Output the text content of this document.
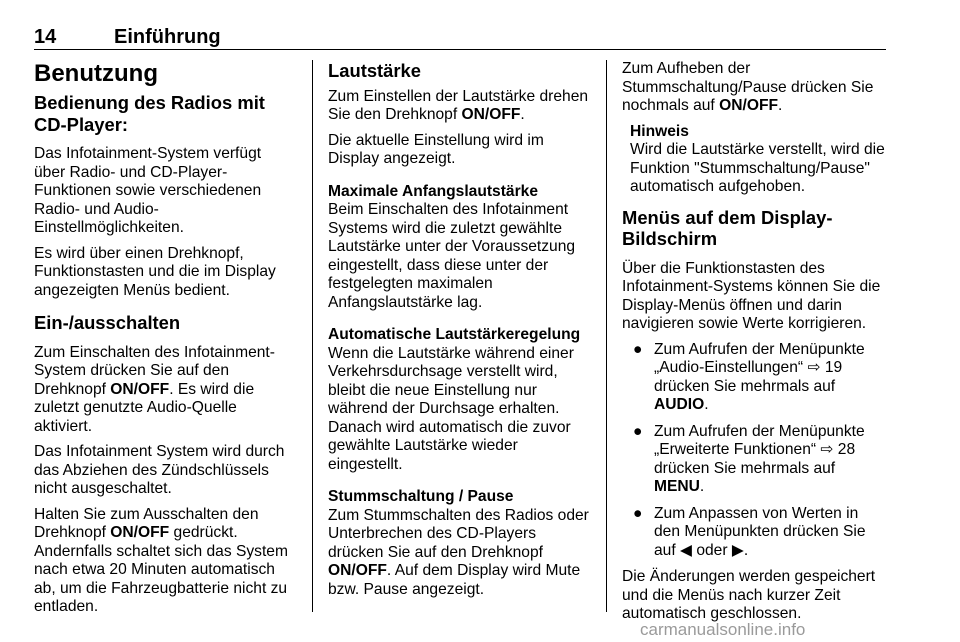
14	Einführung
Benutzung
Bedienung des Radios mit CD-Player:

Das Infotainment-System verfügt über Radio- und CD-Player-Funktionen sowie verschiedenen Radio- und Audio-Einstellmöglichkeiten.

Es wird über einen Drehknopf, Funktionstasten und die im Display angezeigten Menüs bedient.

Ein-/ausschalten

Zum Einschalten des Infotainment-System drücken Sie auf den Drehknopf ON/OFF. Es wird die zuletzt genutzte Audio-Quelle aktiviert.

Das Infotainment System wird durch das Abziehen des Zündschlüssels nicht ausgeschaltet.

Halten Sie zum Ausschalten den Drehknopf ON/OFF gedrückt.

Andernfalls schaltet sich das System nach etwa 20 Minuten automatisch ab, um die Fahrzeugbatterie nicht zu entladen.

Lautstärke

Zum Einstellen der Lautstärke drehen Sie den Drehknopf ON/OFF.

Die aktuelle Einstellung wird im Display angezeigt.

Maximale Anfangslautstärke

Beim Einschalten des Infotainment Systems wird die zuletzt gewählte Lautstärke unter der Voraussetzung eingestellt, dass diese unter der festgelegten maximalen Anfangslautstärke lag.

Automatische Lautstärkeregelung

Wenn die Lautstärke während einer Verkehrsdurchsage verstellt wird, bleibt die neue Einstellung nur während der Durchsage erhalten. Danach wird automatisch die zuvor gewählte Lautstärke wieder eingestellt.

Stummschaltung / Pause

Zum Stummschalten des Radios oder Unterbrechen des CD-Players drücken Sie auf den Drehknopf ON/OFF. Auf dem Display wird Mute bzw. Pause angezeigt.

Zum Aufheben der Stummschaltung/Pause drücken Sie nochmals auf ON/OFF.

Hinweis
Wird die Lautstärke verstellt, wird die Funktion "Stummschaltung/Pause" automatisch aufgehoben.
Menüs auf dem Display-Bildschirm

Über die Funktionstasten des Infotainment-Systems können Sie die Display-Menüs öffnen und darin navigieren sowie Werte korrigieren.

● Zum Aufrufen der Menüpunkte „Audio-Einstellungen“ ⇨ 19 drücken Sie mehrmals auf AUDIO.
● Zum Aufrufen der Menüpunkte „Erweiterte Funktionen“ ⇨ 28 drücken Sie mehrmals auf MENU.
● Zum Anpassen von Werten in den Menüpunkten drücken Sie auf ◀ oder ▶.

Die Änderungen werden gespeichert und die Menüs nach kurzer Zeit automatisch geschlossen.

carmanualsonline.info
